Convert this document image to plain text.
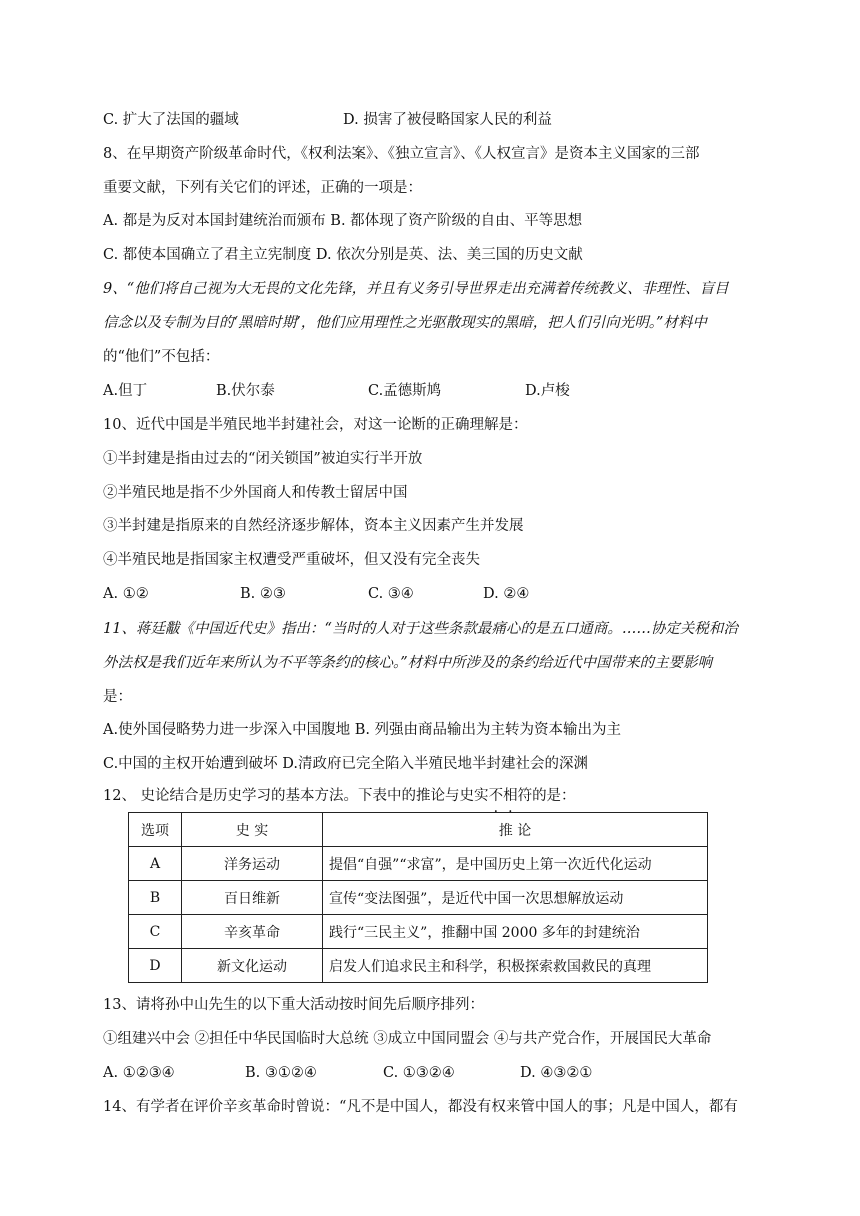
C. 扩大了法国的疆域	D. 损害了被侵略国家人民的利益
8、在早期资产阶级革命时代，《权利法案》、《独立宣言》、《人权宣言》是资本主义国家的三部
重要文献，下列有关它们的评述，正确的一项是：
A. 都是为反对本国封建统治而颁布 B. 都体现了资产阶级的自由、平等思想
C. 都使本国确立了君主立宪制度 D. 依次分别是英、法、美三国的历史文献
9、“他们将自己视为大无畏的文化先锋，并且有义务引导世界走出充满着传统教义、非理性、盲目
信念以及专制为目的‘黑暗时期’，他们应用理性之光驱散现实的黑暗，把人们引向光明。”材料中
的“他们”不包括：
A.但丁	B.伏尔泰	C.孟德斯鸠	D.卢梭
10、近代中国是半殖民地半封建社会，对这一论断的正确理解是：
①半封建是指由过去的“闭关锁国”被迫实行半开放
②半殖民地是指不少外国商人和传教士留居中国
③半封建是指原来的自然经济逐步解体，资本主义因素产生并发展
④半殖民地是指国家主权遭受严重破坏，但又没有完全丧失
A. ①②	B. ②③	C. ③④	D. ②④
11、蒋廷黻《中国近代史》指出：“当时的人对于这些条款最痛心的是五口通商。……协定关税和治
外法权是我们近年来所认为不平等条约的核心。”材料中所涉及的条约给近代中国带来的主要影响
是：
A.使外国侵略势力进一步深入中国腹地 B. 列强由商品输出为主转为资本输出为主
C.中国的主权开始遭到破坏 D.清政府已完全陷入半殖民地半封建社会的深渊
12、 史论结合是历史学习的基本方法。下表中的推论与史实不相符的是：
选项	史 实	推 论
A	洋务运动	提倡“自强”“求富”，是中国历史上第一次近代化运动
B	百日维新	宣传“变法图强”，是近代中国一次思想解放运动
C	辛亥革命	践行“三民主义”，推翻中国 2000 多年的封建统治
D	新文化运动	启发人们追求民主和科学，积极探索救国救民的真理
13、请将孙中山先生的以下重大活动按时间先后顺序排列：
①组建兴中会 ②担任中华民国临时大总统 ③成立中国同盟会 ④与共产党合作，开展国民大革命
A. ①②③④	B. ③①②④	C. ①③②④	D. ④③②①
14、有学者在评价辛亥革命时曾说：“凡不是中国人，都没有权来管中国人的事；凡是中国人，都有
